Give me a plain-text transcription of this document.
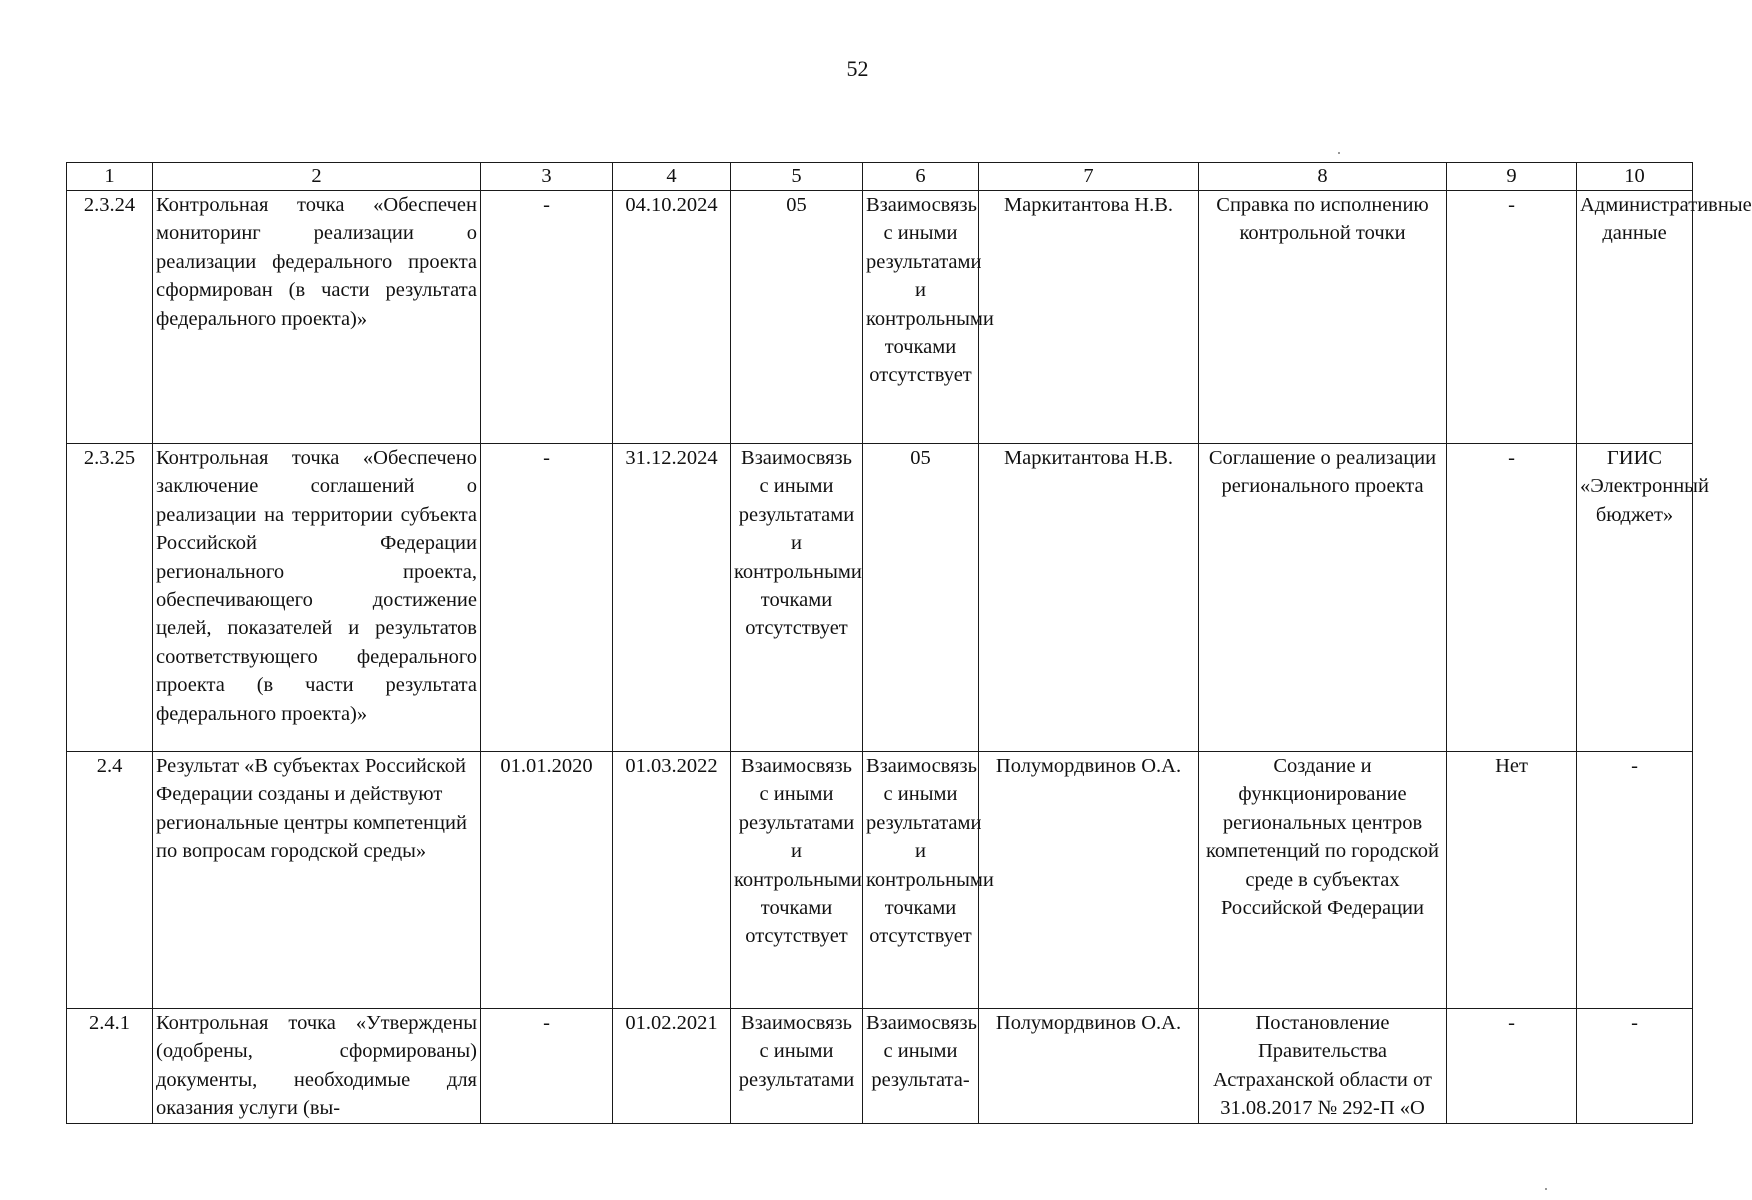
52
1	2	3	4	5	6	7	8	9	10
2.3.24	Контрольная точка «Обеспечен мониторинг реализации о реализации федерального проекта сформирован (в части результата федерального проекта)»	-	04.10.2024	05	Взаимосвязь с иными результатами и контрольными точками отсутствует	Маркитантова Н.В.	Справка по исполнению контрольной точки	-	Административные данные
2.3.25	Контрольная точка «Обеспечено заключение соглашений о реализации на территории субъекта Российской Федерации регионального проекта, обеспечивающего достижение целей, показателей и результатов соответствующего федерального проекта (в части результата федерального проекта)»	-	31.12.2024	Взаимосвязь с иными результатами и контрольными точками отсутствует	05	Маркитантова Н.В.	Соглашение о реализации регионального проекта	-	ГИИС «Электронный бюджет»
2.4	Результат «В субъектах Российской Федерации созданы и действуют региональные центры компетенций по вопросам городской среды»	01.01.2020	01.03.2022	Взаимосвязь с иными результатами и контрольными точками отсутствует	Взаимосвязь с иными результатами и контрольными точками отсутствует	Полумордвинов О.А.	Создание и функционирование региональных центров компетенций по городской среде в субъектах Российской Федерации	Нет	-
2.4.1	Контрольная точка «Утверждены (одобрены, сформированы) документы, необходимые для оказания услуги (вы-	-	01.02.2021	Взаимосвязь с иными результатами	Взаимосвязь с иными результата-	Полумордвинов О.А.	Постановление Правительства Астраханской области от 31.08.2017 № 292-П «О	-	-
